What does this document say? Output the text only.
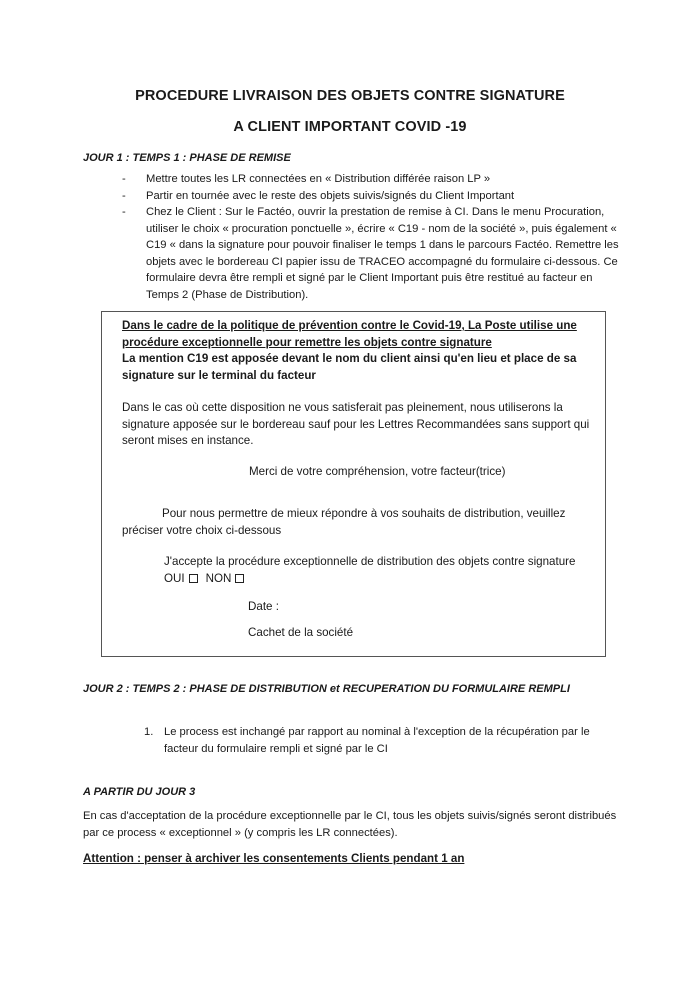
PROCEDURE LIVRAISON DES OBJETS CONTRE SIGNATURE
A CLIENT IMPORTANT COVID -19
JOUR 1 : TEMPS 1 : PHASE DE REMISE
- Mettre toutes les LR connectées en « Distribution différée raison LP »
- Partir en tournée avec le reste des objets suivis/signés du Client Important
- Chez le Client : Sur le Factéo, ouvrir la prestation de remise à CI. Dans le menu Procuration, utiliser le choix « procuration ponctuelle », écrire « C19 - nom de la société », puis également « C19 « dans la signature pour pouvoir finaliser le temps 1 dans le parcours Factéo. Remettre les objets avec le bordereau CI papier issu de TRACEO accompagné du formulaire ci-dessous. Ce formulaire devra être rempli et signé par le Client Important puis être restitué au facteur en Temps 2 (Phase de Distribution).
Dans le cadre de la politique de prévention contre le Covid-19, La Poste utilise une procédure exceptionnelle pour remettre les objets contre signature
La mention C19 est apposée devant le nom du client ainsi qu'en lieu et place de sa signature sur le terminal du facteur
Dans le cas où cette disposition ne vous satisferait pas pleinement, nous utiliserons la signature apposée sur le bordereau sauf pour les Lettres Recommandées sans support qui seront mises en instance.
Merci de votre compréhension, votre facteur(trice)
Pour nous permettre de mieux répondre à vos souhaits de distribution, veuillez préciser votre choix ci-dessous
J'accepte la procédure exceptionnelle de distribution des objets contre signature
OUI NON
Date :
Cachet de la société
JOUR 2 : TEMPS 2 : PHASE DE DISTRIBUTION et RECUPERATION DU FORMULAIRE REMPLI
1. Le process est inchangé par rapport au nominal à l'exception de la récupération par le facteur du formulaire rempli et signé par le CI
A PARTIR DU JOUR 3
En cas d'acceptation de la procédure exceptionnelle par le CI, tous les objets suivis/signés seront distribués par ce process « exceptionnel » (y compris les LR connectées).
Attention : penser à archiver les consentements Clients pendant 1 an
